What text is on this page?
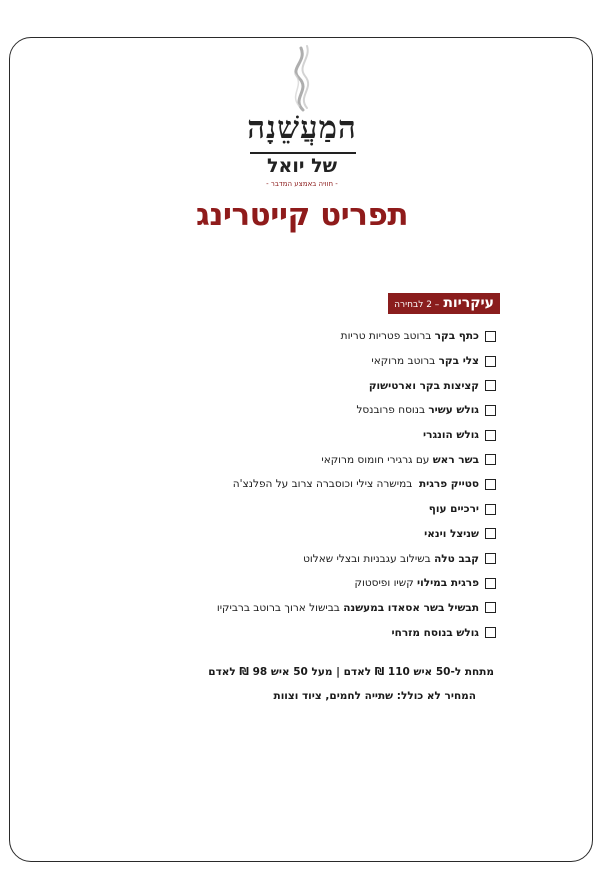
המַעֲשֵׁנָה
של יואל
- חוויה באמצע המדבר -
תפריט קייטרינג
עיקריות
– 2 לבחירה
כתף בקר
ברוטב פטריות טריות
צלי בקר
ברוטב מרוקאי
קציצות בקר וארטישוק
גולש עשיר
בנוסח פרובנסל
גולש הונגרי
בשר ראש
עם גרגירי חומוס מרוקאי
סטייק פרגית
במישרה צילי וכוסברה צרוב על הפלנצ'ה
ירכיים עוף
שניצל וינאי
קבב טלה
בשילוב עגבניות ובצלי שאלוט
פרגית במילוי
קשיו ופיסטוק
תבשיל בשר אסאדו במעשנה
בבישול ארוך ברוטב ברביקיו
גולש בנוסח מזרחי
מתחת ל-50 איש 110 ₪ לאדם | מעל 50 איש 98 ₪ לאדם
המחיר לא כולל: שתייה לחמים, ציוד וצוות
